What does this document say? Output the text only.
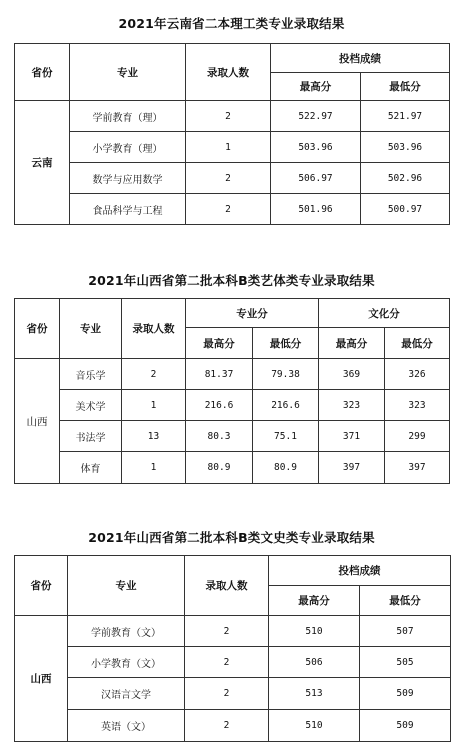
2021年云南省二本理工类专业录取结果
省份	专业	录取人数	投档成绩	
			最高分	最低分
云南	学前教育（理）	2	522.97	521.97
	小学教育（理）	1	503.96	503.96
	数学与应用数学	2	506.97	502.96
	食品科学与工程	2	501.96	500.97
2021年山西省第二批本科B类艺体类专业录取结果
省份	专业	录取人数	专业分		文化分	
			最高分	最低分	最高分	最低分
山西	音乐学	2	81.37	79.38	369	326
	美术学	1	216.6	216.6	323	323
	书法学	13	80.3	75.1	371	299
	体育	1	80.9	80.9	397	397
2021年山西省第二批本科B类文史类专业录取结果
省份	专业	录取人数	投档成绩	
			最高分	最低分
山西	学前教育（文）	2	510	507
	小学教育（文）	2	506	505
	汉语言文学	2	513	509
	英语（文）	2	510	509
